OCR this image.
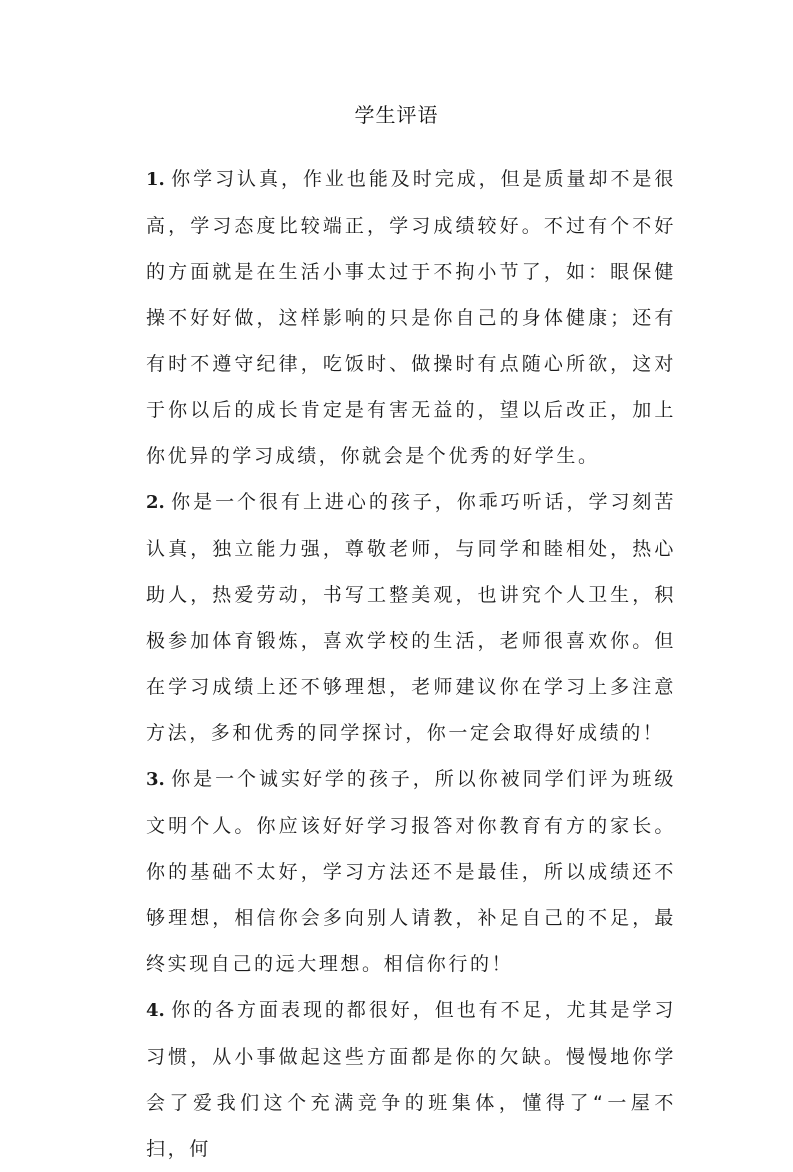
学生评语

1. 你学习认真，作业也能及时完成，但是质量却不是很高，学习态度比较端正，学习成绩较好。不过有个不好的方面就是在生活小事太过于不拘小节了，如：眼保健操不好好做，这样影响的只是你自己的身体健康；还有有时不遵守纪律，吃饭时、做操时有点随心所欲，这对于你以后的成长肯定是有害无益的，望以后改正，加上你优异的学习成绩，你就会是个优秀的好学生。

2. 你是一个很有上进心的孩子，你乖巧听话，学习刻苦认真，独立能力强，尊敬老师，与同学和睦相处，热心助人，热爱劳动，书写工整美观，也讲究个人卫生，积极参加体育锻炼，喜欢学校的生活，老师很喜欢你。但在学习成绩上还不够理想，老师建议你在学习上多注意方法，多和优秀的同学探讨，你一定会取得好成绩的！

3. 你是一个诚实好学的孩子，所以你被同学们评为班级文明个人。你应该好好学习报答对你教育有方的家长。你的基础不太好，学习方法还不是最佳，所以成绩还不够理想，相信你会多向别人请教，补足自己的不足，最终实现自己的远大理想。相信你行的！

4. 你的各方面表现的都很好，但也有不足，尤其是学习习惯，从小事做起这些方面都是你的欠缺。慢慢地你学会了爱我们这个充满竞争的班集体，懂得了“一屋不扫，何
